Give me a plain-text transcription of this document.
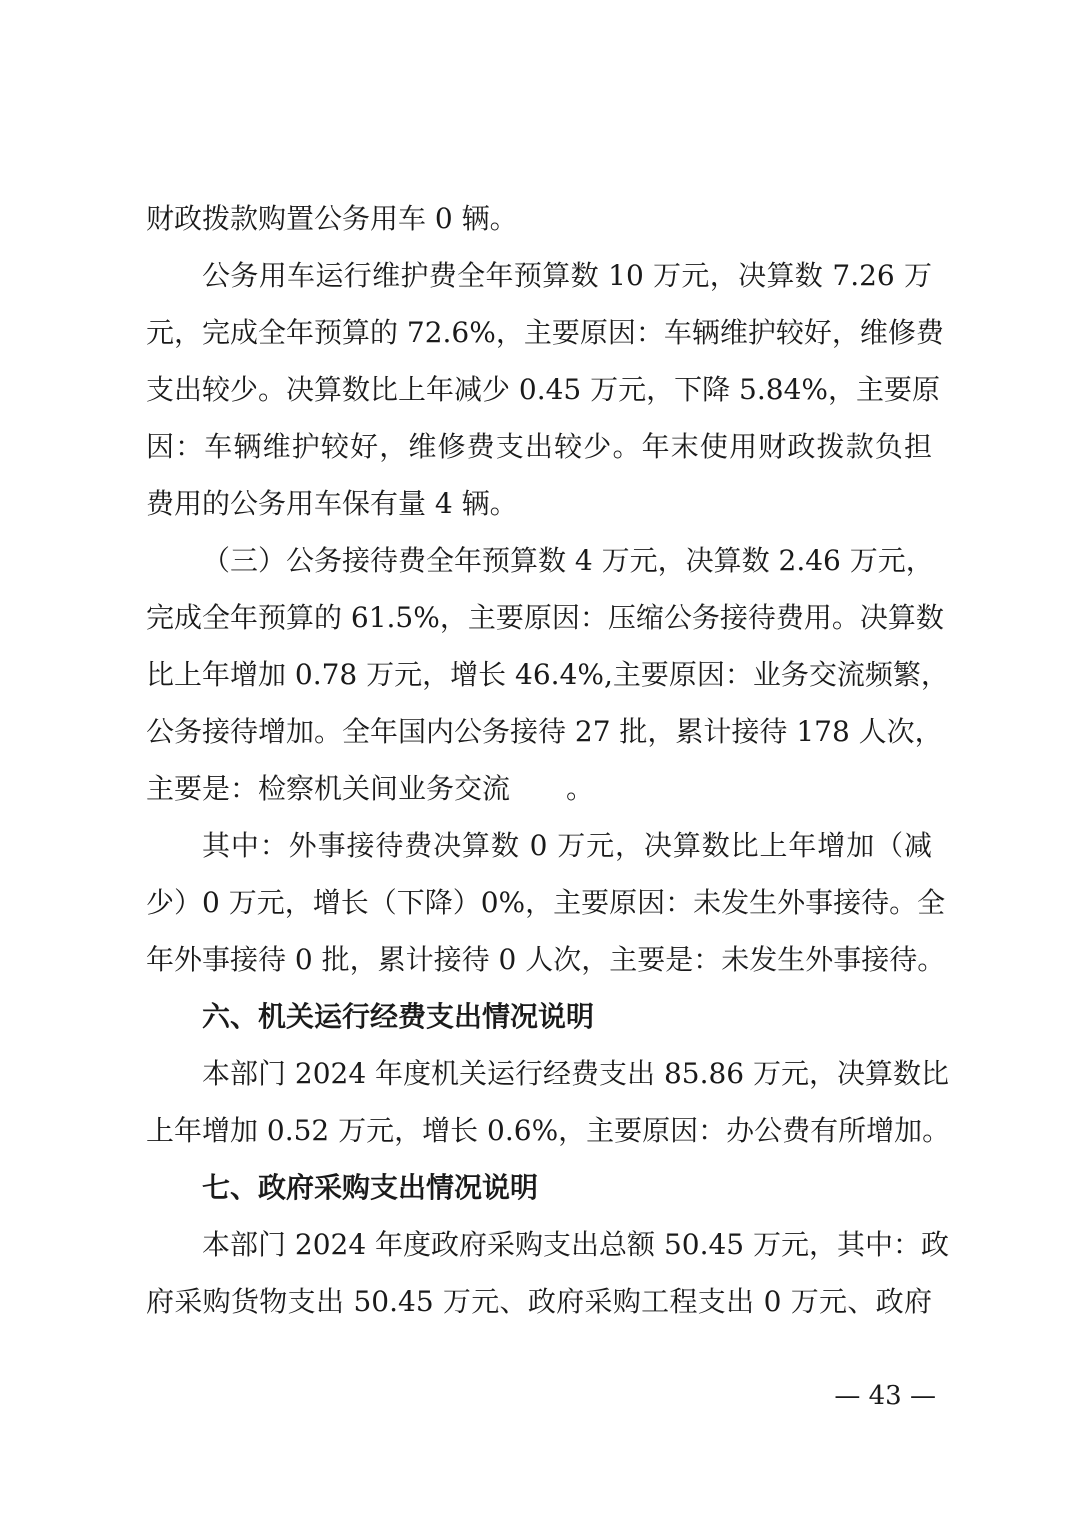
财政拨款购置公务用车 0 辆。
公务用车运行维护费全年预算数 10 万元，决算数 7.26 万
元，完成全年预算的 72.6%，主要原因：车辆维护较好，维修费
支出较少。决算数比上年减少 0.45 万元，下降 5.84%，主要原
因：车辆维护较好，维修费支出较少。年末使用财政拨款负担
费用的公务用车保有量 4 辆。
（三）公务接待费全年预算数 4 万元，决算数 2.46 万元，
完成全年预算的 61.5%，主要原因：压缩公务接待费用。决算数
比上年增加 0.78 万元，增长 46.4%,主要原因：业务交流频繁，
公务接待增加。全年国内公务接待 27 批，累计接待 178 人次，
主要是：检察机关间业务交流　　。
其中：外事接待费决算数 0 万元，决算数比上年增加（减
少）0 万元，增长（下降）0%，主要原因：未发生外事接待。全
年外事接待 0 批，累计接待 0 人次，主要是：未发生外事接待。
六、机关运行经费支出情况说明
本部门 2024 年度机关运行经费支出 85.86 万元，决算数比
上年增加 0.52 万元，增长 0.6%，主要原因：办公费有所增加。
七、政府采购支出情况说明
本部门 2024 年度政府采购支出总额 50.45 万元，其中：政
府采购货物支出 50.45 万元、政府采购工程支出 0 万元、政府
— 43 —
